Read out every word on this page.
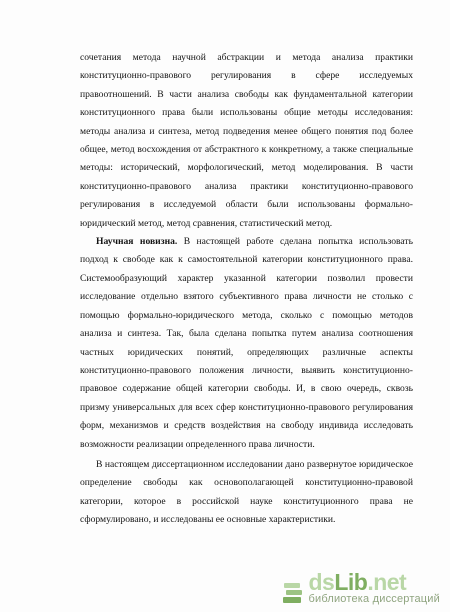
сочетания метода научной абстракции и метода анализа практики конституционно-правового регулирования в сфере исследуемых правоотношений. В части анализа свободы как фундаментальной категории конституционного права были использованы общие методы исследования: методы анализа и синтеза, метод подведения менее общего понятия под более общее, метод восхождения от абстрактного к конкретному, а также специальные методы: исторический, морфологический, метод моделирования. В части конституционно-правового анализа практики конституционно-правового регулирования в исследуемой области были использованы формально-юридический метод, метод сравнения, статистический метод.

Научная новизна. В настоящей работе сделана попытка использовать подход к свободе как к самостоятельной категории конституционного права. Системообразующий характер указанной категории позволил провести исследование отдельно взятого субъективного права личности не столько с помощью формально-юридического метода, сколько с помощью методов анализа и синтеза. Так, была сделана попытка путем анализа соотношения частных юридических понятий, определяющих различные аспекты конституционно-правового положения личности, выявить конституционно-правовое содержание общей категории свободы. И, в свою очередь, сквозь призму универсальных для всех сфер конституционно-правового регулирования форм, механизмов и средств воздействия на свободу индивида исследовать возможности реализации определенного права личности.

В настоящем диссертационном исследовании дано развернутое юридическое определение свободы как основополагающей конституционно-правовой категории, которое в российской науке конституционного права не сформулировано, и исследованы ее основные характеристики.

dsLib.net
библиотека диссертаций
